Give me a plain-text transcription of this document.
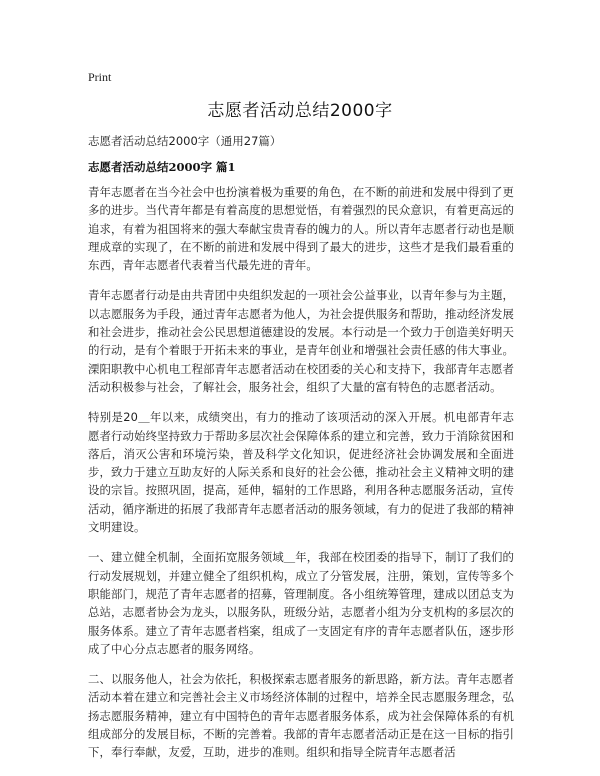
Print
志愿者活动总结2000字
志愿者活动总结2000字（通用27篇）
志愿者活动总结2000字 篇1

青年志愿者在当今社会中也扮演着极为重要的角色，在不断的前进和发展中得到了更多的进步。当代青年都是有着高度的思想觉悟，有着强烈的民众意识，有着更高远的追求，有着为祖国将来的强大奉献宝贵青春的魄力的人。所以青年志愿者行动也是顺理成章的实现了，在不断的前进和发展中得到了最大的进步，这些才是我们最看重的东西，青年志愿者代表着当代最先进的青年。

青年志愿者行动是由共青团中央组织发起的一项社会公益事业，以青年参与为主题，以志愿服务为手段，通过青年志愿者为他人，为社会提供服务和帮助，推动经济发展和社会进步，推动社会公民思想道德建设的发展。本行动是一个致力于创造美好明天的行动，是有个着眼于开拓未来的事业，是青年创业和增强社会责任感的伟大事业。溧阳职教中心机电工程部青年志愿者活动在校团委的关心和支持下，我部青年志愿者活动积极参与社会，了解社会，服务社会，组织了大量的富有特色的志愿者活动。

特别是20＿年以来，成绩突出，有力的推动了该项活动的深入开展。机电部青年志愿者行动始终坚持致力于帮助多层次社会保障体系的建立和完善，致力于消除贫困和落后，消灭公害和环境污染，普及科学文化知识，促进经济社会协调发展和全面进步，致力于建立互助友好的人际关系和良好的社会公德，推动社会主义精神文明的建设的宗旨。按照巩固，提高，延伸，辐射的工作思路，利用各种志愿服务活动，宣传活动，循序渐进的拓展了我部青年志愿者活动的服务领域，有力的促进了我部的精神文明建设。

一、建立健全机制，全面拓宽服务领域＿年，我部在校团委的指导下，制订了我们的行动发展规划，并建立健全了组织机构，成立了分管发展，注册，策划，宣传等多个职能部门，规范了青年志愿者的招募，管理制度。各小组统筹管理，建成以团总支为总站，志愿者协会为龙头，以服务队，班级分站，志愿者小组为分支机构的多层次的服务体系。建立了青年志愿者档案，组成了一支固定有序的青年志愿者队伍，逐步形成了中心分点志愿者的服务网络。

二、以服务他人，社会为依托，积极探索志愿者服务的新思路，新方法。青年志愿者活动本着在建立和完善社会主义市场经济体制的过程中，培养全民志愿服务理念，弘扬志愿服务精神，建立有中国特色的青年志愿者服务体系，成为社会保障体系的有机组成部分的发展目标，不断的完善着。我部的青年志愿者活动正是在这一目标的指引下，奉行奉献，友爱，互助，进步的准则。组织和指导全院青年志愿者活
